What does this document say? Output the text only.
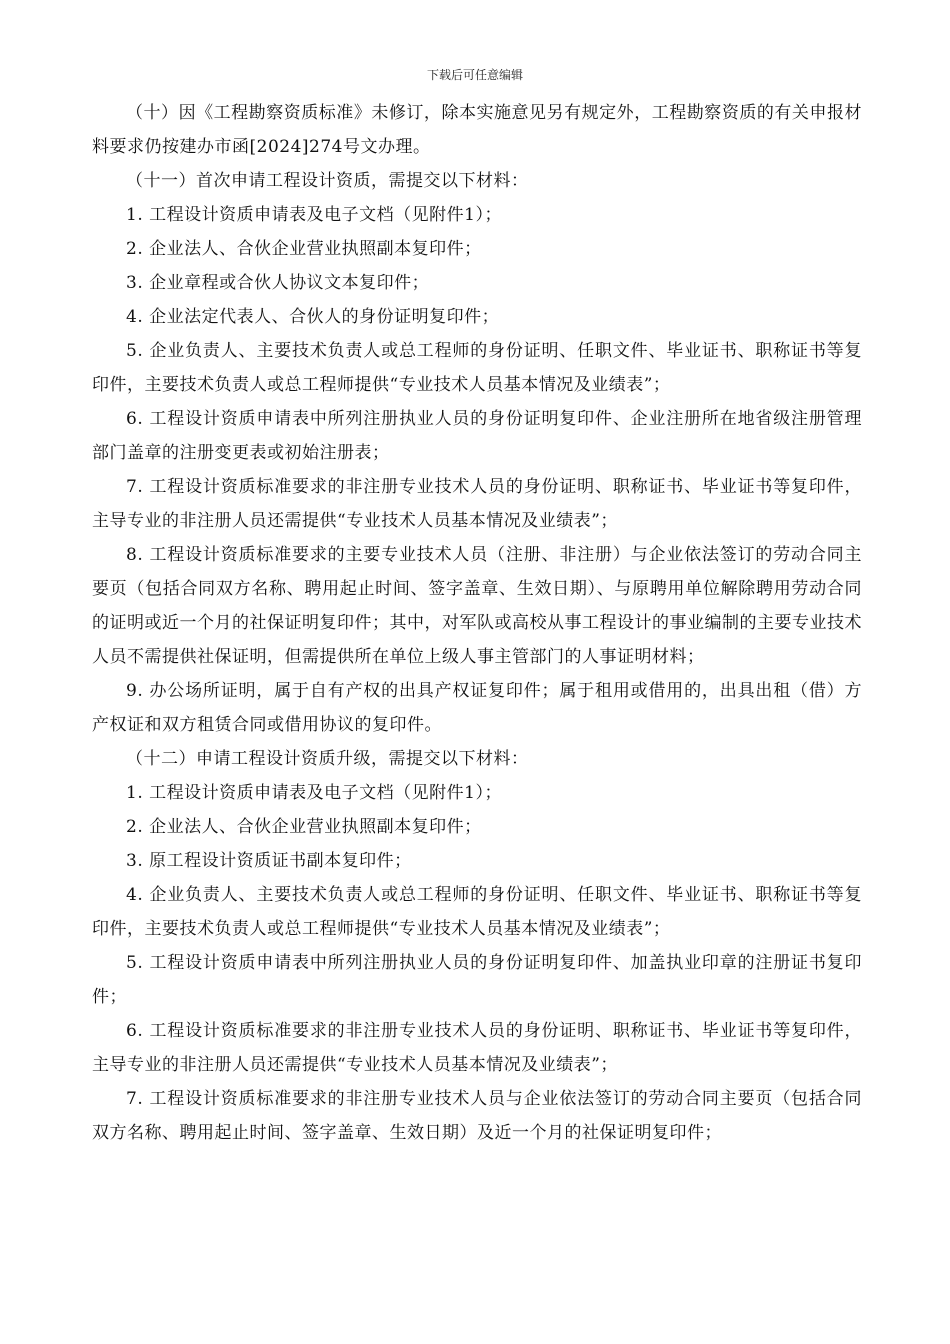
下载后可任意编辑

（十）因《工程勘察资质标准》未修订，除本实施意见另有规定外，工程勘察资质的有关申报材料要求仍按建办市函[2024]274号文办理。

（十一）首次申请工程设计资质，需提交以下材料：

1. 工程设计资质申请表及电子文档（见附件1）；

2. 企业法人、合伙企业营业执照副本复印件；

3. 企业章程或合伙人协议文本复印件；

4. 企业法定代表人、合伙人的身份证明复印件；

5. 企业负责人、主要技术负责人或总工程师的身份证明、任职文件、毕业证书、职称证书等复印件，主要技术负责人或总工程师提供“专业技术人员基本情况及业绩表”；

6. 工程设计资质申请表中所列注册执业人员的身份证明复印件、企业注册所在地省级注册管理部门盖章的注册变更表或初始注册表；

7. 工程设计资质标准要求的非注册专业技术人员的身份证明、职称证书、毕业证书等复印件，主导专业的非注册人员还需提供“专业技术人员基本情况及业绩表”；

8. 工程设计资质标准要求的主要专业技术人员（注册、非注册）与企业依法签订的劳动合同主要页（包括合同双方名称、聘用起止时间、签字盖章、生效日期）、与原聘用单位解除聘用劳动合同的证明或近一个月的社保证明复印件；其中，对军队或高校从事工程设计的事业编制的主要专业技术人员不需提供社保证明，但需提供所在单位上级人事主管部门的人事证明材料；

9. 办公场所证明，属于自有产权的出具产权证复印件；属于租用或借用的，出具出租（借）方产权证和双方租赁合同或借用协议的复印件。

（十二）申请工程设计资质升级，需提交以下材料：

1. 工程设计资质申请表及电子文档（见附件1）；

2. 企业法人、合伙企业营业执照副本复印件；

3. 原工程设计资质证书副本复印件；

4. 企业负责人、主要技术负责人或总工程师的身份证明、任职文件、毕业证书、职称证书等复印件，主要技术负责人或总工程师提供“专业技术人员基本情况及业绩表”；

5. 工程设计资质申请表中所列注册执业人员的身份证明复印件、加盖执业印章的注册证书复印件；

6. 工程设计资质标准要求的非注册专业技术人员的身份证明、职称证书、毕业证书等复印件，主导专业的非注册人员还需提供“专业技术人员基本情况及业绩表”；

7. 工程设计资质标准要求的非注册专业技术人员与企业依法签订的劳动合同主要页（包括合同双方名称、聘用起止时间、签字盖章、生效日期）及近一个月的社保证明复印件；
